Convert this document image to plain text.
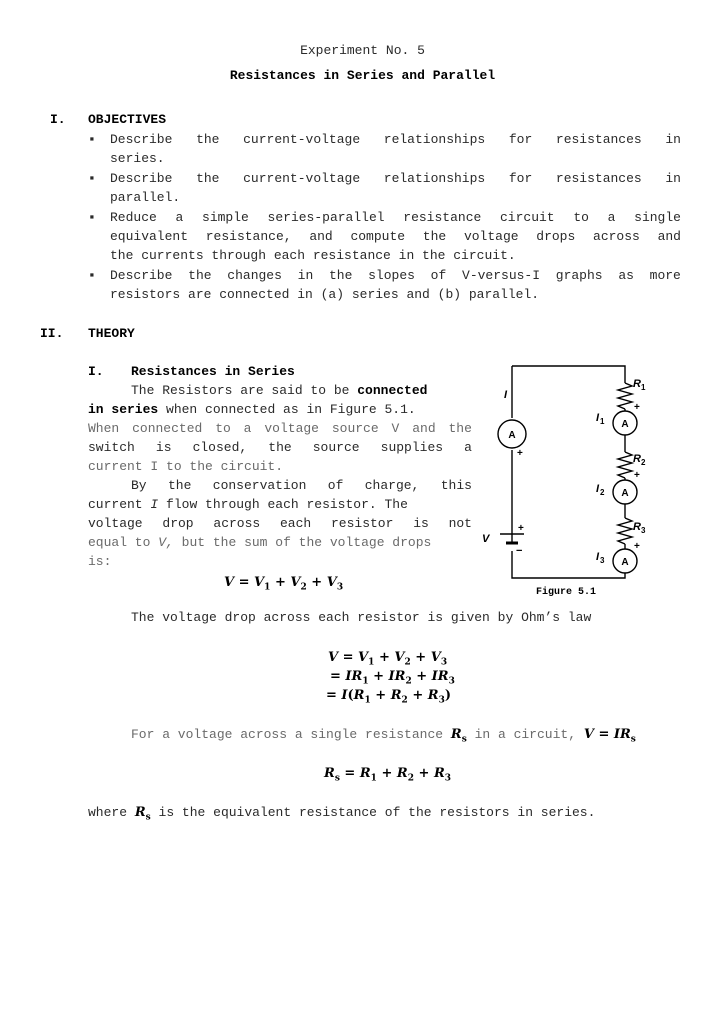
Experiment No. 5
Resistances in Series and Parallel
I. OBJECTIVES
▪ Describe the current-voltage relationships for resistances in
series.
▪ Describe the current-voltage relationships for resistances in
parallel.
▪ Reduce a simple series-parallel resistance circuit to a single
equivalent resistance, and compute the voltage drops across and
the currents through each resistance in the circuit.
▪ Describe the changes in the slopes of V-versus-I graphs as more
resistors are connected in (a) series and (b) parallel.
II. THEORY
I. Resistances in Series
The Resistors are said to be connected
in series when connected as in Figure 5.1.
When connected to a voltage source V and the
switch is closed, the source supplies a
current I to the circuit.
By the conservation of charge, this
current I flow through each resistor. The
voltage drop across each resistor is not
equal to V, but the sum of the voltage drops
is:
$V = V_1 + V_2 + V_3$
A
A
A
A
I
V
R 1
R 2
R 3
I 1
I 2
I 3
+
+
+
+
+
−
Figure 5.1
The voltage drop across each resistor is given by Ohm’s law
$V = V_1 + V_2 + V_3$
= $IR_1 + IR_2 + IR_3$
= $I(R_1 + R_2 + R_3)$
For a voltage across a single resistance $R_s$ in a circuit, $V = IR_s$
$R_s = R_1 + R_2 + R_3$
where $R_s$ is the equivalent resistance of the resistors in series.
